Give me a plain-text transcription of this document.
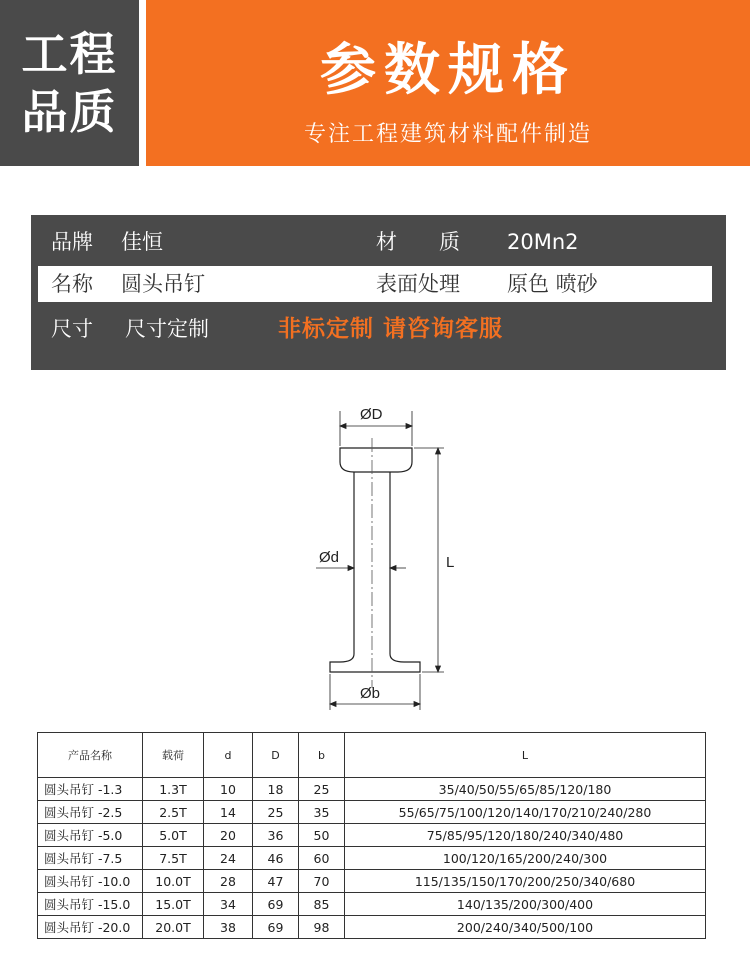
工程
品质
参数规格
专注工程建筑材料配件制造
品牌 佳恒	材　　质 20Mn2
名称 圆头吊钉	表面处理 原色 喷砂
尺寸 尺寸定制	非标定制 请咨询客服
ØD
Ød	L
Øb
产品名称	载荷	d	D	b	L
圆头吊钉 -1.3	1.3T	10	18	25	35/40/50/55/65/85/120/180
圆头吊钉 -2.5	2.5T	14	25	35	55/65/75/100/120/140/170/210/240/280
圆头吊钉 -5.0	5.0T	20	36	50	75/85/95/120/180/240/340/480
圆头吊钉 -7.5	7.5T	24	46	60	100/120/165/200/240/300
圆头吊钉 -10.0	10.0T	28	47	70	115/135/150/170/200/250/340/680
圆头吊钉 -15.0	15.0T	34	69	85	140/135/200/300/400
圆头吊钉 -20.0	20.0T	38	69	98	200/240/340/500/100
